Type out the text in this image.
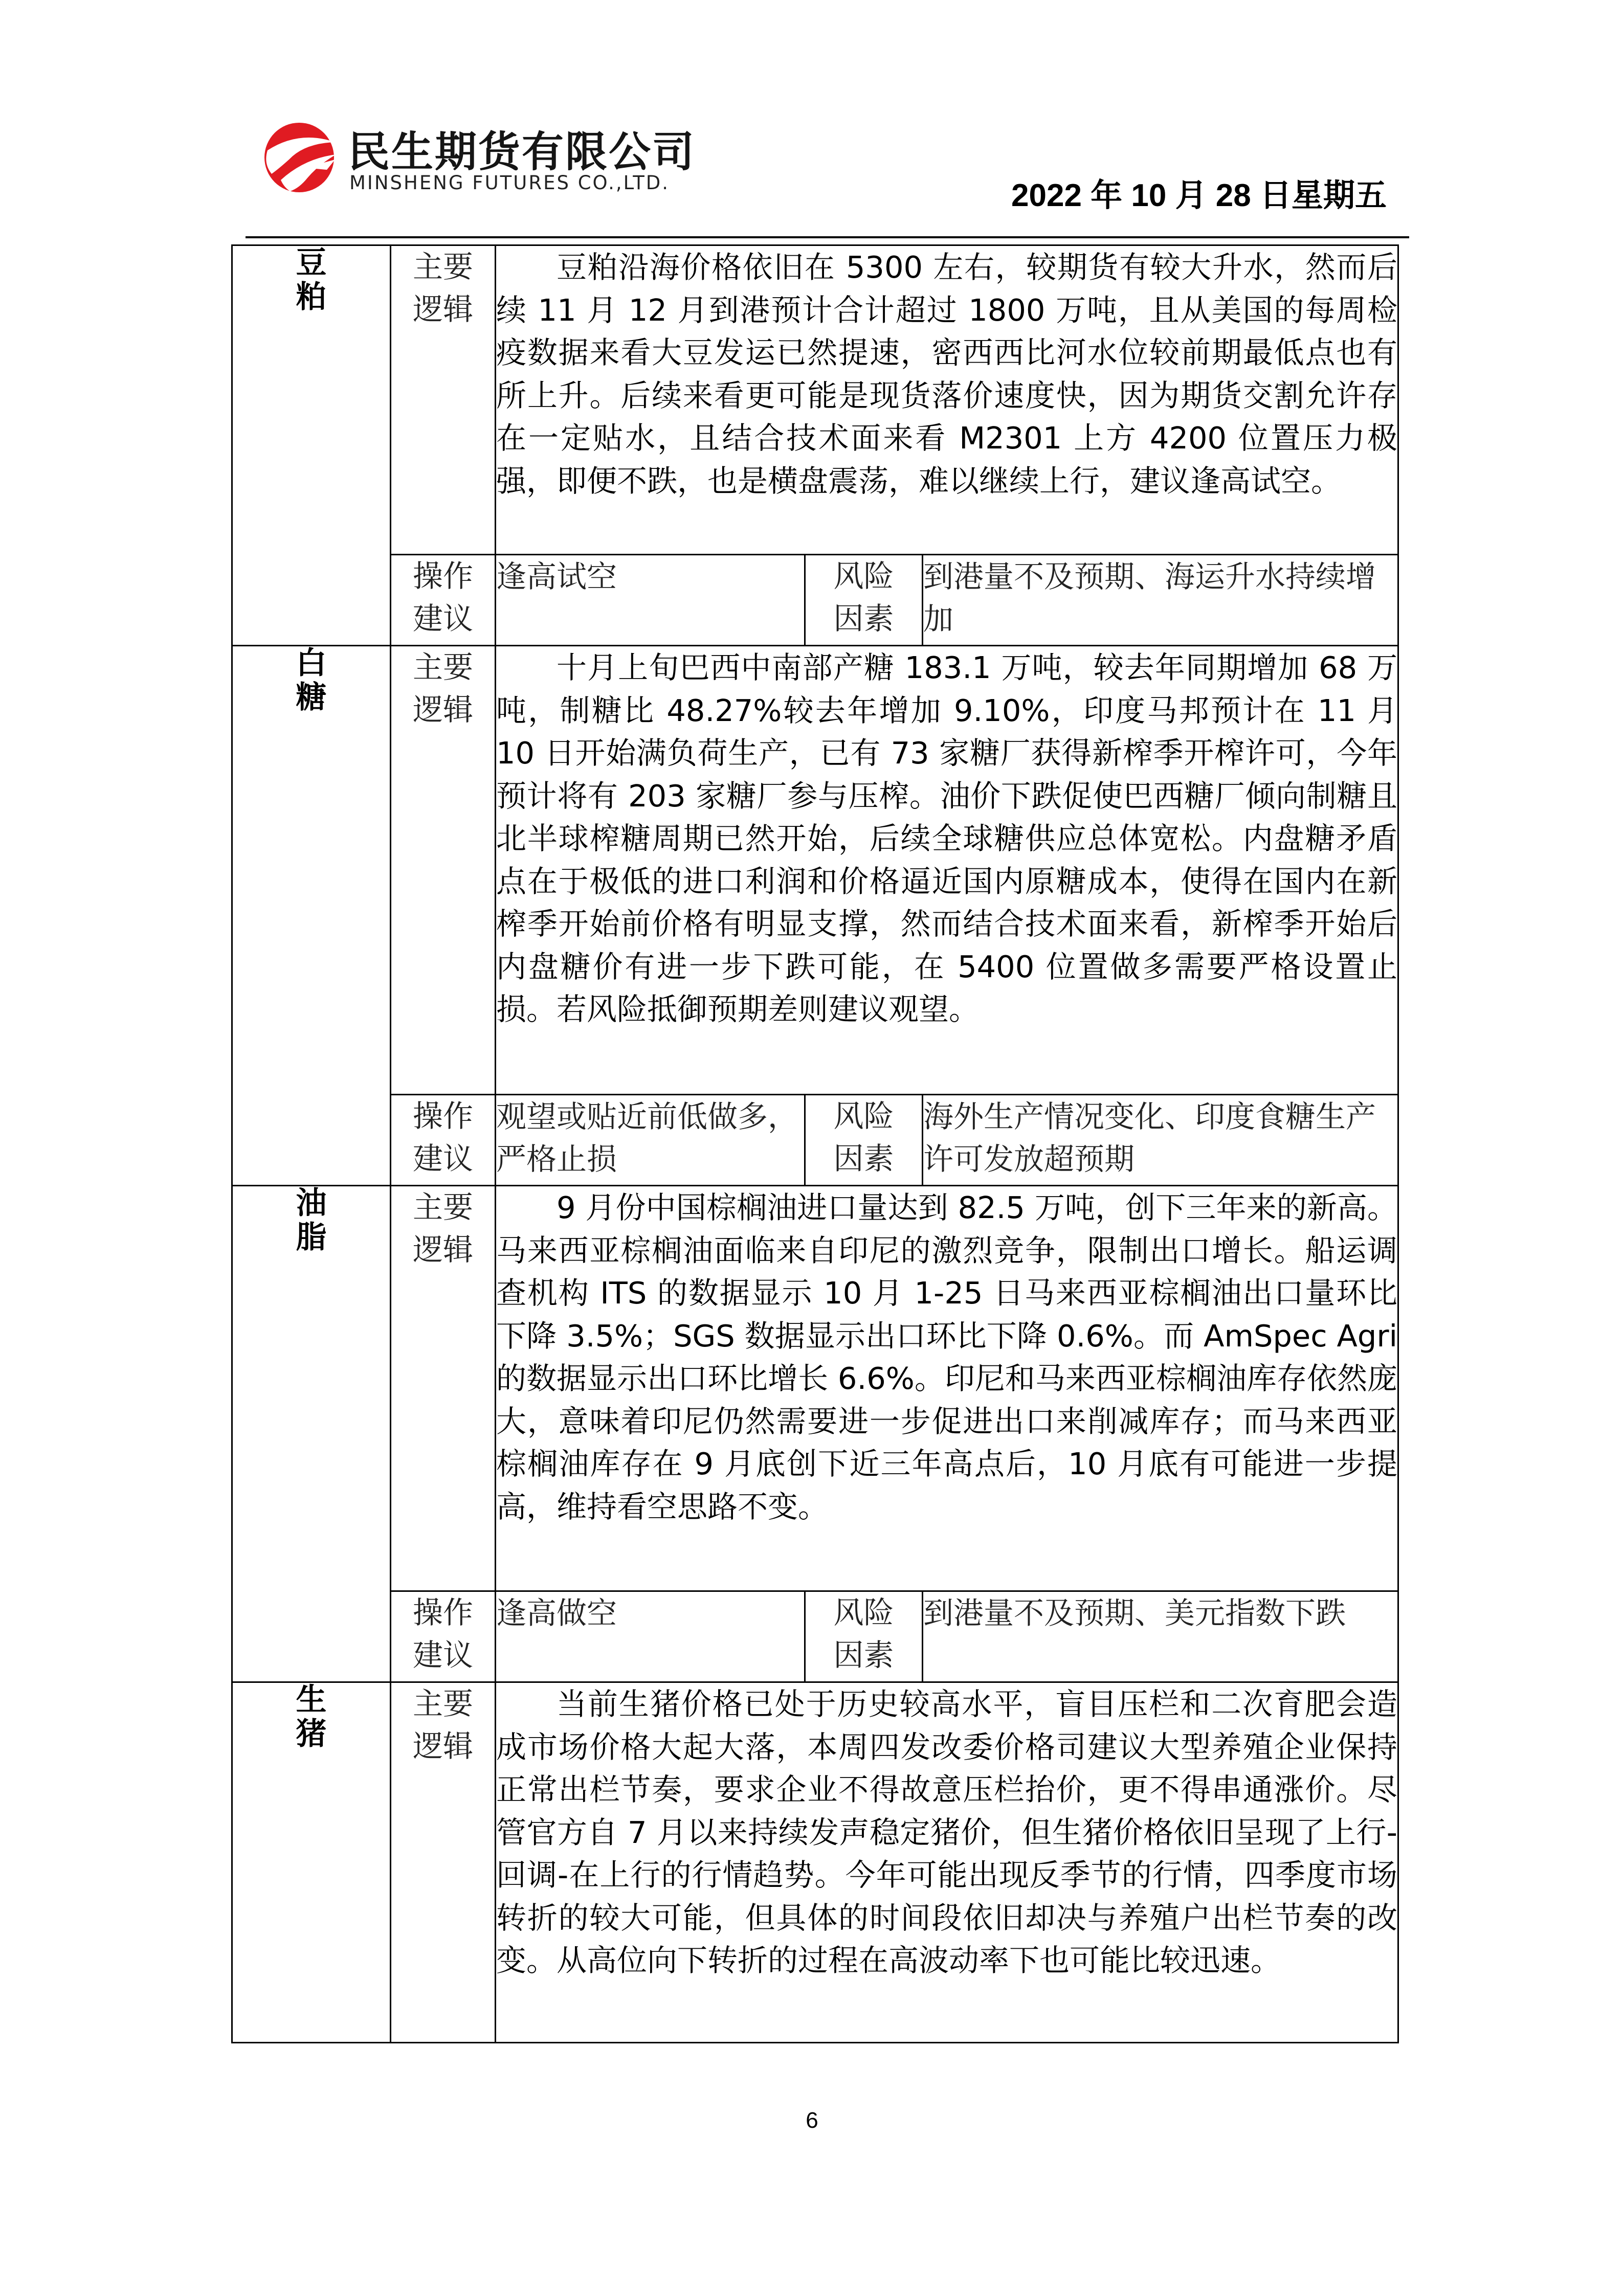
民生期货有限公司
MINSHENG FUTURES CO.,LTD.	2022 年 10 月 28 日星期五
豆粕	主要逻辑	豆粕沿海价格依旧在 5300 左右，较期货有较大升水，然而后续 11 月 12 月到港预计合计超过 1800 万吨，且从美国的每周检疫数据来看大豆发运已然提速，密西西比河水位较前期最低点也有所上升。后续来看更可能是现货落价速度快，因为期货交割允许存在一定贴水，且结合技术面来看 M2301 上方 4200 位置压力极强，即便不跌，也是横盘震荡，难以继续上行，建议逢高试空。		

	操作建议	逢高试空	风险因素	到港量不及预期、海运升水持续增加
白糖	主要逻辑	十月上旬巴西中南部产糖 183.1 万吨，较去年同期增加 68 万吨，制糖比 48.27%较去年增加 9.10%，印度马邦预计在 11 月 10 日开始满负荷生产，已有 73 家糖厂获得新榨季开榨许可，今年预计将有 203 家糖厂参与压榨。油价下跌促使巴西糖厂倾向制糖且北半球榨糖周期已然开始，后续全球糖供应总体宽松。内盘糖矛盾点在于极低的进口利润和价格逼近国内原糖成本，使得在国内在新榨季开始前价格有明显支撑，然而结合技术面来看，新榨季开始后内盘糖价有进一步下跌可能，在 5400 位置做多需要严格设置止损。若风险抵御预期差则建议观望。		

	操作建议	观望或贴近前低做多，严格止损	风险因素	海外生产情况变化、印度食糖生产许可发放超预期
油脂	主要逻辑	9 月份中国棕榈油进口量达到 82.5 万吨，创下三年来的新高。马来西亚棕榈油面临来自印尼的激烈竞争，限制出口增长。船运调查机构 ITS 的数据显示 10 月 1-25 日马来西亚棕榈油出口量环比下降 3.5%；SGS 数据显示出口环比下降 0.6%。而 AmSpec Agri 的数据显示出口环比增长 6.6%。印尼和马来西亚棕榈油库存依然庞大，意味着印尼仍然需要进一步促进出口来削减库存；而马来西亚棕榈油库存在 9 月底创下近三年高点后，10 月底有可能进一步提高，维持看空思路不变。		

	操作建议	逢高做空	风险因素	到港量不及预期、美元指数下跌
生猪	主要逻辑	当前生猪价格已处于历史较高水平，盲目压栏和二次育肥会造成市场价格大起大落，本周四发改委价格司建议大型养殖企业保持正常出栏节奏，要求企业不得故意压栏抬价，更不得串通涨价。尽管官方自 7 月以来持续发声稳定猪价，但生猪价格依旧呈现了上行-回调-在上行的行情趋势。今年可能出现反季节的行情，四季度市场转折的较大可能，但具体的时间段依旧却决与养殖户出栏节奏的改变。从高位向下转折的过程在高波动率下也可能比较迅速。		

6
